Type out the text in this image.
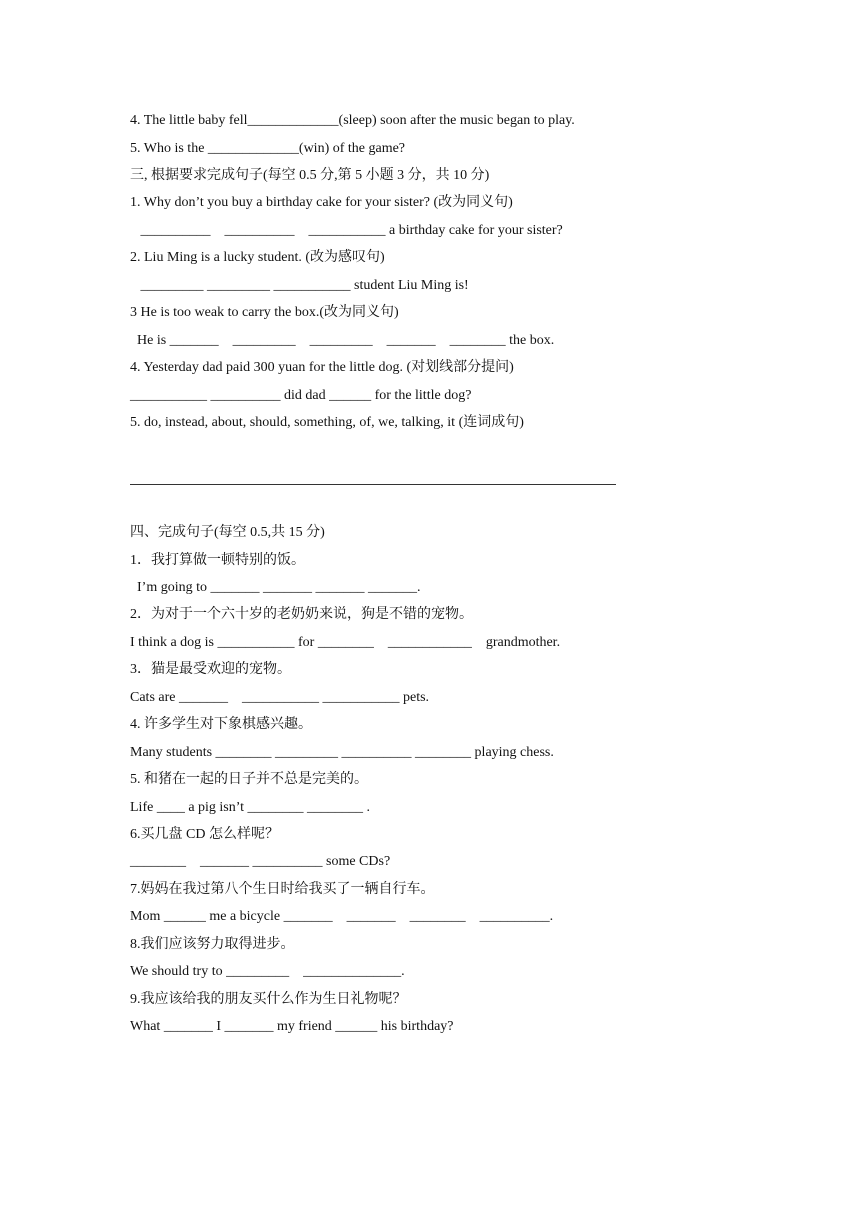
4. The little baby fell_____________(sleep) soon after the music began to play.
5. Who is the _____________(win) of the game?
三, 根据要求完成句子(每空 0.5 分,第 5 小题 3 分，共 10 分)
1. Why don’t you buy a birthday cake for your sister? (改为同义句)
__________    __________    ___________ a birthday cake for your sister?
2. Liu Ming is a lucky student. (改为感叹句)
_________ _________ ___________ student Liu Ming is!
3 He is too weak to carry the box.(改为同义句)
He is _______    _________    _________    _______    ________ the box.
4. Yesterday dad paid 300 yuan for the little dog. (对划线部分提问)
___________ __________ did dad ______ for the little dog?
5. do, instead, about, should, something, of, we, talking, it (连词成句)
四、完成句子(每空 0.5,共 15 分)
1．我打算做一顿特别的饭。
I’m going to _______ _______ _______ _______.
2．为对于一个六十岁的老奶奶来说，狗是不错的宠物。
I think a dog is ___________ for ________    ____________    grandmother.
3．猫是最受欢迎的宠物。
Cats are _______    ___________ ___________ pets.
4. 许多学生对下象棋感兴趣。
Many students ________ _________ __________ ________ playing chess.
5. 和猪在一起的日子并不总是完美的。
Life ____ a pig isn’t ________ ________ .
6.买几盘 CD 怎么样呢？
________    _______ __________ some CDs?
7.妈妈在我过第八个生日时给我买了一辆自行车。
Mom ______ me a bicycle _______    _______    ________    __________.
8.我们应该努力取得进步。
We should try to _________    ______________.
9.我应该给我的朋友买什么作为生日礼物呢？
What _______ I _______ my friend ______ his birthday?
